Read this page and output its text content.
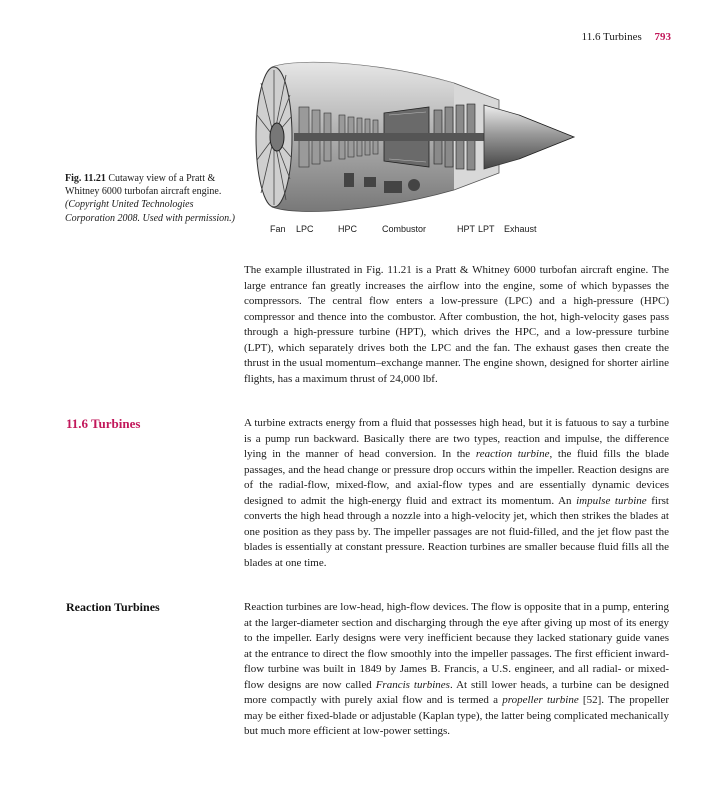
11.6 Turbines 793
Fan LPC	HPC	Combustor	HPT LPT Exhaust
Fig. 11.21 Cutaway view of a Pratt & Whitney 6000 turbofan aircraft engine. (Copyright United Technologies Corporation 2008. Used with permission.)
The example illustrated in Fig. 11.21 is a Pratt & Whitney 6000 turbofan aircraft engine. The large entrance fan greatly increases the airflow into the engine, some of which bypasses the compressors. The central flow enters a low-pressure (LPC) and a high-pressure (HPC) compressor and thence into the combustor. After combustion, the hot, high-velocity gases pass through a high-pressure turbine (HPT), which drives the HPC, and a low-pressure turbine (LPT), which separately drives both the LPC and the fan. The exhaust gases then create the thrust in the usual momentum–exchange manner. The engine shown, designed for shorter airline flights, has a maximum thrust of 24,000 lbf.
11.6 Turbines	A turbine extracts energy from a fluid that possesses high head, but it is fatuous to say a turbine is a pump run backward. Basically there are two types, reaction and impulse, the difference lying in the manner of head conversion. In the reaction turbine, the fluid fills the blade passages, and the head change or pressure drop occurs within the impeller. Reaction designs are of the radial-flow, mixed-flow, and axial-flow types and are essentially dynamic devices designed to admit the high-energy fluid and extract its momentum. An impulse turbine first converts the high head through a nozzle into a high-velocity jet, which then strikes the blades at one position as they pass by. The impeller passages are not fluid-filled, and the jet flow past the blades is essentially at constant pressure. Reaction turbines are smaller because fluid fills all the blades at one time.
Reaction Turbines	Reaction turbines are low-head, high-flow devices. The flow is opposite that in a pump, entering at the larger-diameter section and discharging through the eye after giving up most of its energy to the impeller. Early designs were very inefficient because they lacked stationary guide vanes at the entrance to direct the flow smoothly into the impeller passages. The first efficient inward-flow turbine was built in 1849 by James B. Francis, a U.S. engineer, and all radial- or mixed-flow designs are now called Francis turbines. At still lower heads, a turbine can be designed more compactly with purely axial flow and is termed a propeller turbine [52]. The propeller may be either fixed-blade or adjustable (Kaplan type), the latter being complicated mechanically but much more efficient at low-power settings.
